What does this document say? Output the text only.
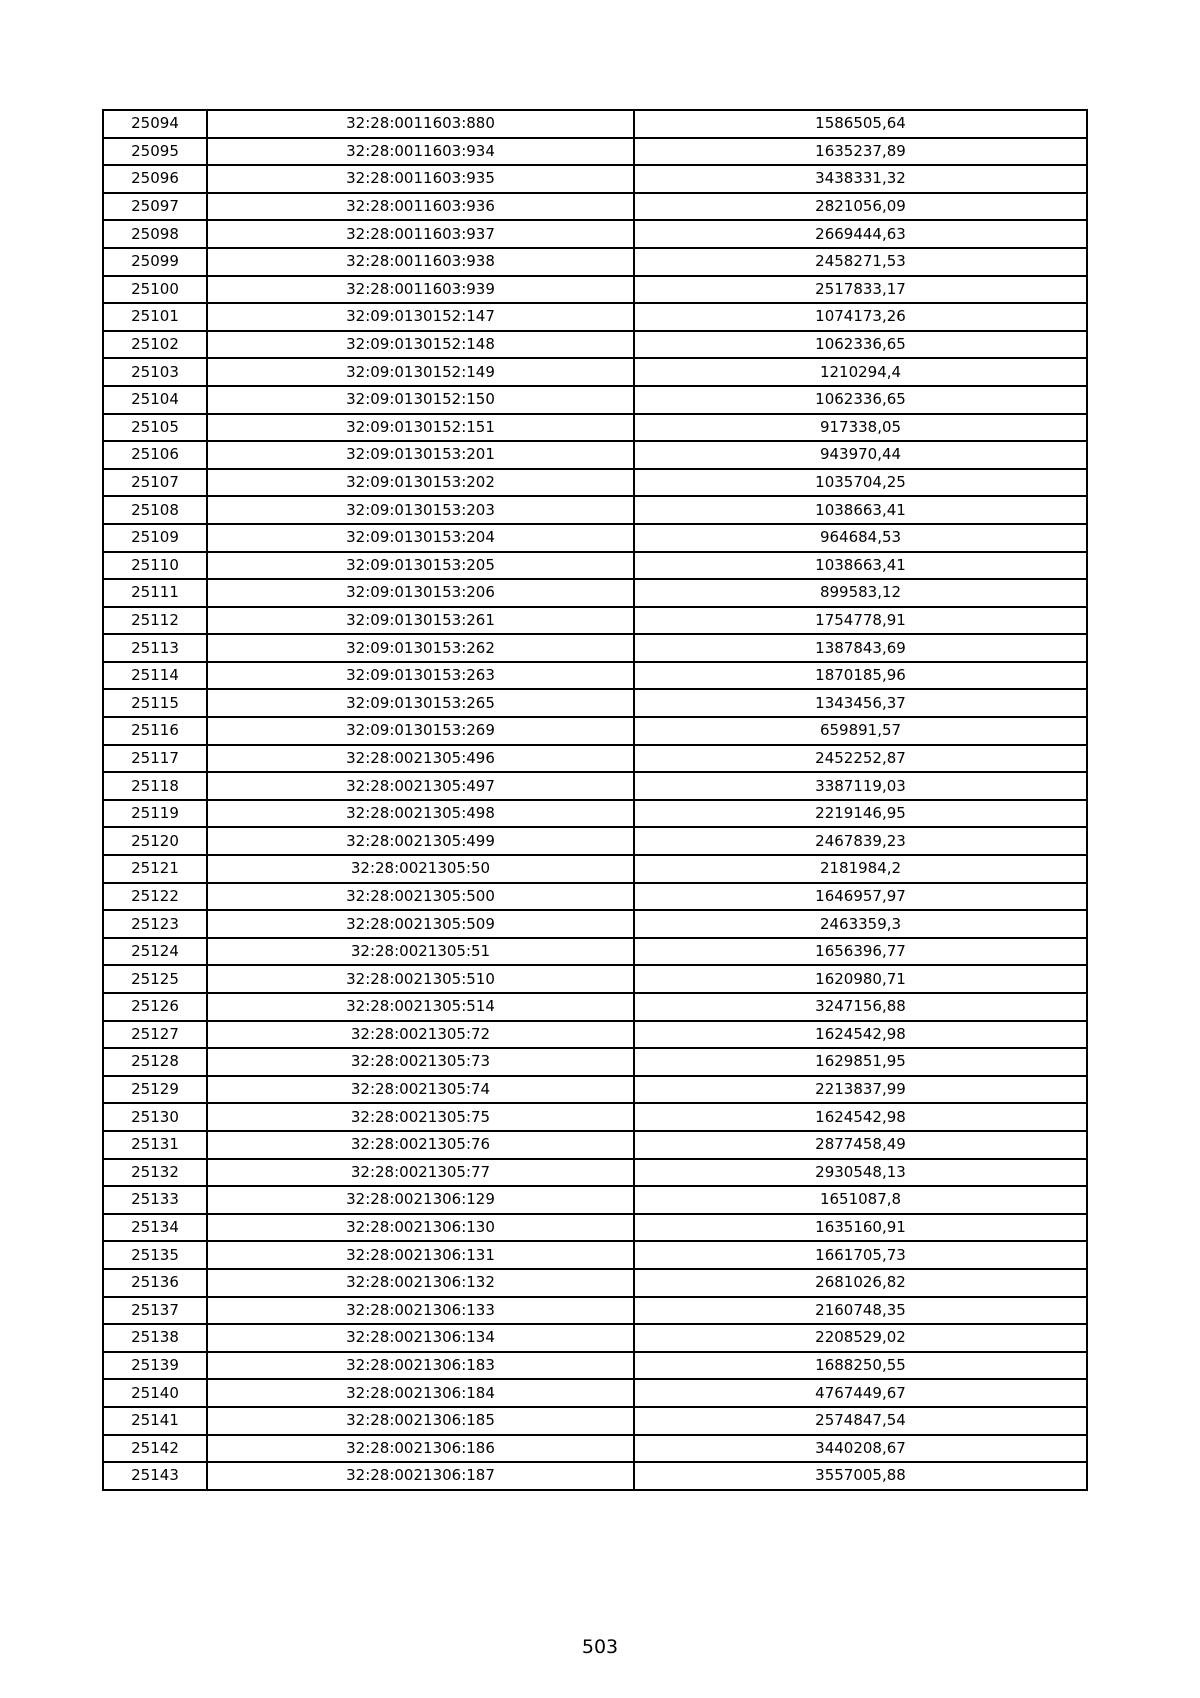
25094	32:28:0011603:880	1586505,64
25095	32:28:0011603:934	1635237,89
25096	32:28:0011603:935	3438331,32
25097	32:28:0011603:936	2821056,09
25098	32:28:0011603:937	2669444,63
25099	32:28:0011603:938	2458271,53
25100	32:28:0011603:939	2517833,17
25101	32:09:0130152:147	1074173,26
25102	32:09:0130152:148	1062336,65
25103	32:09:0130152:149	1210294,4
25104	32:09:0130152:150	1062336,65
25105	32:09:0130152:151	917338,05
25106	32:09:0130153:201	943970,44
25107	32:09:0130153:202	1035704,25
25108	32:09:0130153:203	1038663,41
25109	32:09:0130153:204	964684,53
25110	32:09:0130153:205	1038663,41
25111	32:09:0130153:206	899583,12
25112	32:09:0130153:261	1754778,91
25113	32:09:0130153:262	1387843,69
25114	32:09:0130153:263	1870185,96
25115	32:09:0130153:265	1343456,37
25116	32:09:0130153:269	659891,57
25117	32:28:0021305:496	2452252,87
25118	32:28:0021305:497	3387119,03
25119	32:28:0021305:498	2219146,95
25120	32:28:0021305:499	2467839,23
25121	32:28:0021305:50	2181984,2
25122	32:28:0021305:500	1646957,97
25123	32:28:0021305:509	2463359,3
25124	32:28:0021305:51	1656396,77
25125	32:28:0021305:510	1620980,71
25126	32:28:0021305:514	3247156,88
25127	32:28:0021305:72	1624542,98
25128	32:28:0021305:73	1629851,95
25129	32:28:0021305:74	2213837,99
25130	32:28:0021305:75	1624542,98
25131	32:28:0021305:76	2877458,49
25132	32:28:0021305:77	2930548,13
25133	32:28:0021306:129	1651087,8
25134	32:28:0021306:130	1635160,91
25135	32:28:0021306:131	1661705,73
25136	32:28:0021306:132	2681026,82
25137	32:28:0021306:133	2160748,35
25138	32:28:0021306:134	2208529,02
25139	32:28:0021306:183	1688250,55
25140	32:28:0021306:184	4767449,67
25141	32:28:0021306:185	2574847,54
25142	32:28:0021306:186	3440208,67
25143	32:28:0021306:187	3557005,88
503
